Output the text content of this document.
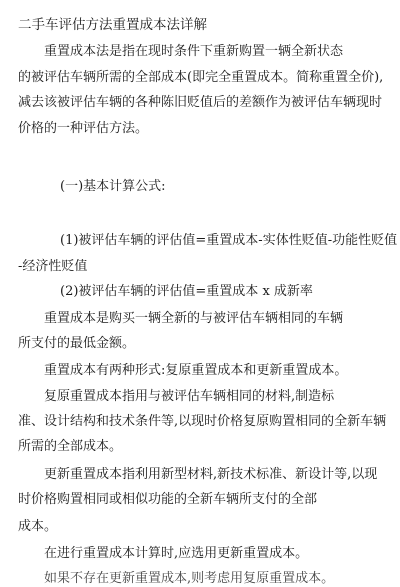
二手车评估方法重置成本法详解
重置成本法是指在现时条件下重新购置一辆全新状态
的被评估车辆所需的全部成本(即完全重置成本。简称重置全价),
减去该被评估车辆的各种陈旧贬值后的差额作为被评估车辆现时
价格的一种评估方法。
(一)基本计算公式:
(1)被评估车辆的评估值=重置成本-实体性贬值-功能性贬值
-经济性贬值
(2)被评估车辆的评估值=重置成本 x 成新率
重置成本是购买一辆全新的与被评估车辆相同的车辆
所支付的最低金额。
重置成本有两种形式:复原重置成本和更新重置成本。
复原重置成本指用与被评估车辆相同的材料,制造标
准、设计结构和技术条件等,以现时价格复原购置相同的全新车辆
所需的全部成本。
更新重置成本指利用新型材料,新技术标准、新设计等,以现
时价格购置相同或相似功能的全新车辆所支付的全部
成本。
在进行重置成本计算时,应选用更新重置成本。
如果不存在更新重置成本,则考虑用复原重置成本。
